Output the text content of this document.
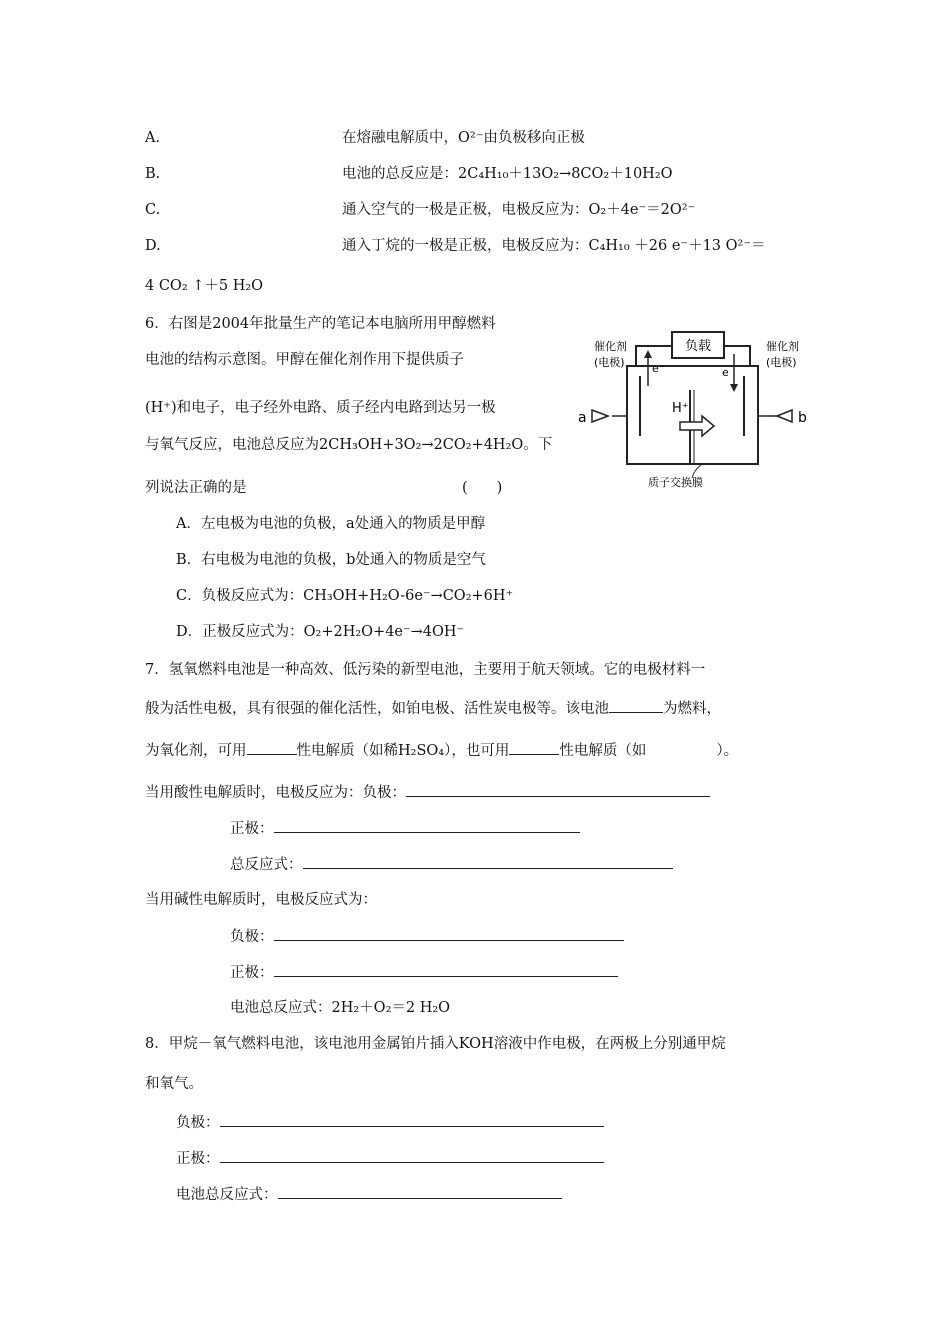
A.	在熔融电解质中，O²⁻由负极移向正极
B.	电池的总反应是：2C₄H₁₀＋13O₂→8CO₂＋10H₂O
C.	通入空气的一极是正极，电极反应为：O₂＋4e⁻＝2O²⁻
D.	通入丁烷的一极是正极，电极反应为：C₄H₁₀ ＋26 e⁻＋13 O²⁻＝
4 CO₂ ↑＋5 H₂O
6．右图是2004年批量生产的笔记本电脑所用甲醇燃料
电池的结构示意图。甲醇在催化剂作用下提供质子
(H⁺)和电子，电子经外电路、质子经内电路到达另一极
与氧气反应，电池总反应为2CH₃OH+3O₂→2CO₂+4H₂O。下
列说法正确的是	(　　)
负载
e⁻	e
催化剂
(电极)
催化剂
(电极)
a	b
H⁺
质子交换膜
A．左电极为电池的负极，a处通入的物质是甲醇
B．右电极为电池的负极，b处通入的物质是空气
C．负极反应式为：CH₃OH+H₂O-6e⁻→CO₂+6H⁺
D．正极反应式为：O₂+2H₂O+4e⁻→4OH⁻
7．氢氧燃料电池是一种高效、低污染的新型电池，主要用于航天领域。它的电极材料一
般为活性电极，具有很强的催化活性，如铂电极、活性炭电极等。该电池	为燃料，
为氧化剂，可用	性电解质（如稀H₂SO₄），也可用	性电解质（如	）。
当用酸性电解质时，电极反应为：负极：
正极：
总反应式：
当用碱性电解质时，电极反应式为：
负极：
正极：
电池总反应式：2H₂＋O₂＝2 H₂O
8．甲烷－氧气燃料电池，该电池用金属铂片插入KOH溶液中作电极，在两极上分别通甲烷
和氧气。
负极：
正极：
电池总反应式：
